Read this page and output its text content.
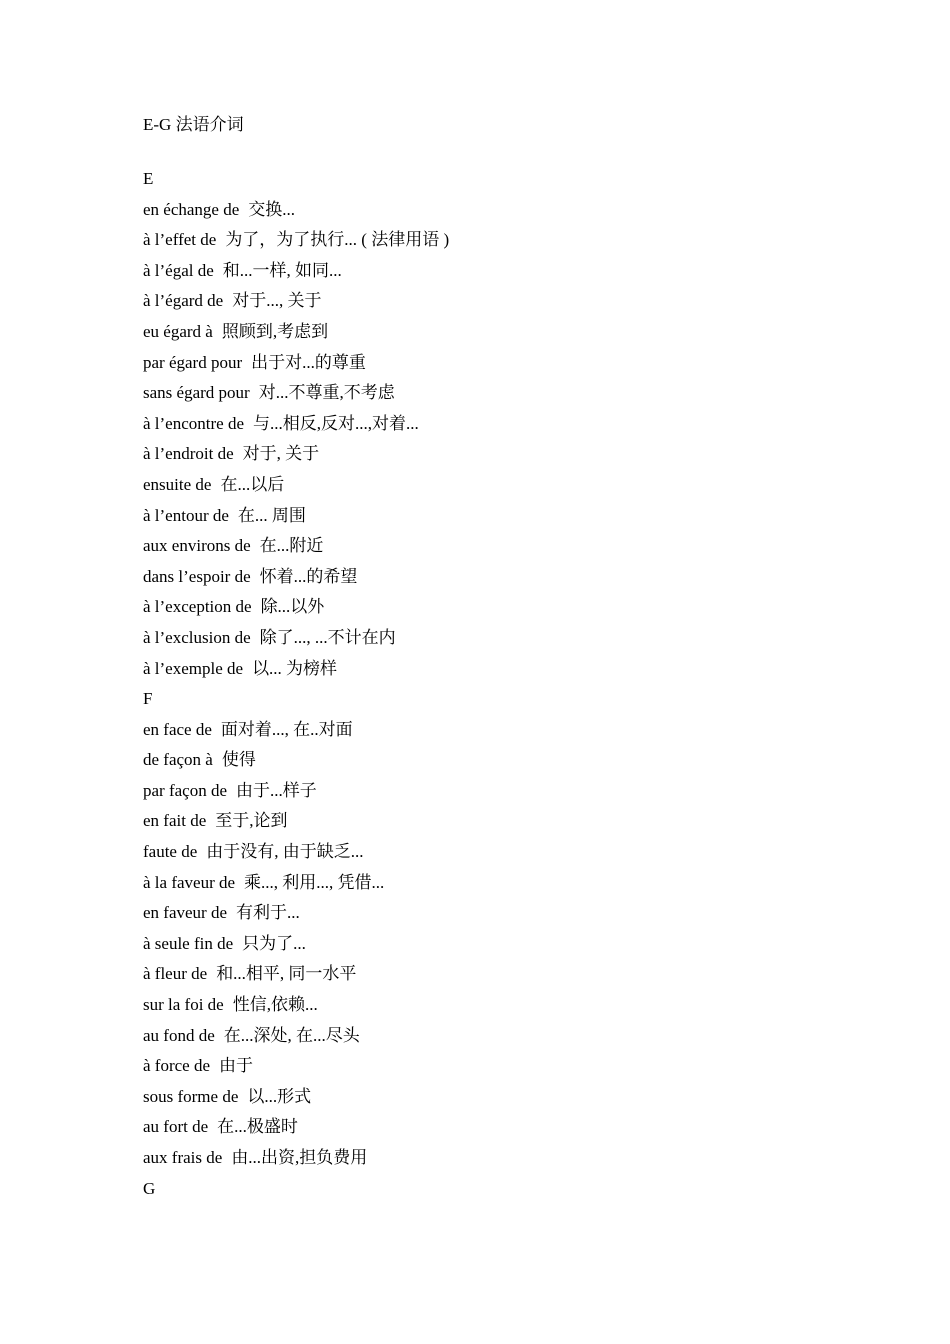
E-G 法语介词
E
en échange de 交换...
à l’effet de 为了，为了执行... ( 法律用语 )
à l’égal de 和...一样, 如同...
à l’égard de 对于..., 关于
eu égard à 照顾到,考虑到
par égard pour 出于对...的尊重
sans égard pour 对...不尊重,不考虑
à l’encontre de 与...相反,反对...,对着...
à l’endroit de 对于, 关于
ensuite de 在...以后
à l’entour de 在... 周围
aux environs de 在...附近
dans l’espoir de 怀着...的希望
à l’exception de 除...以外
à l’exclusion de 除了..., ...不计在内
à l’exemple de 以... 为榜样
F
en face de 面对着..., 在..对面
de façon à 使得
par façon de 由于...样子
en fait de 至于,论到
faute de 由于没有, 由于缺乏...
à la faveur de 乘..., 利用..., 凭借...
en faveur de 有利于...
à seule fin de 只为了...
à fleur de 和...相平, 同一水平
sur la foi de 性信,依赖...
au fond de 在...深处, 在...尽头
à force de 由于
sous forme de 以...形式
au fort de 在...极盛时
aux frais de 由...出资,担负费用
G
